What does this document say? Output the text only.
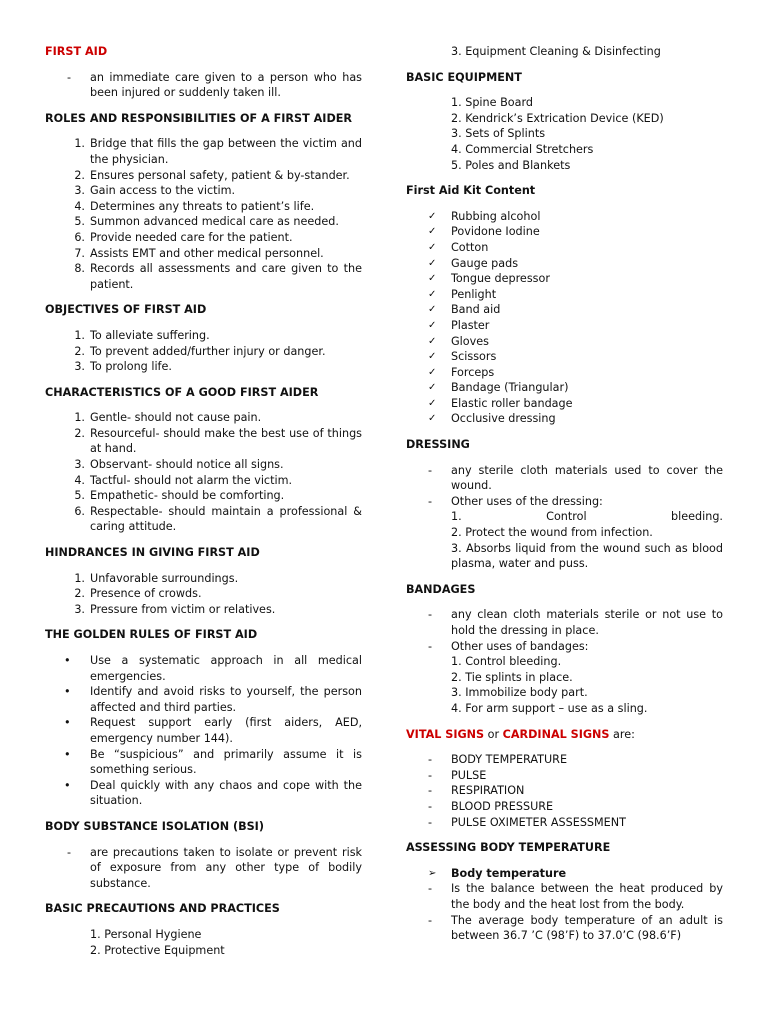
FIRST AID
- an immediate care given to a person who has been injured or suddenly taken ill.
ROLES AND RESPONSIBILITIES OF A FIRST AIDER
1. Bridge that fills the gap between the victim and the physician.
2. Ensures personal safety, patient & by-stander.
3. Gain access to the victim.
4. Determines any threats to patient’s life.
5. Summon advanced medical care as needed.
6. Provide needed care for the patient.
7. Assists EMT and other medical personnel.
8. Records all assessments and care given to the patient.
OBJECTIVES OF FIRST AID
1. To alleviate suffering.
2. To prevent added/further injury or danger.
3. To prolong life.
CHARACTERISTICS OF A GOOD FIRST AIDER
1. Gentle- should not cause pain.
2. Resourceful- should make the best use of things at hand.
3. Observant- should notice all signs.
4. Tactful- should not alarm the victim.
5. Empathetic- should be comforting.
6. Respectable- should maintain a professional & caring attitude.
HINDRANCES IN GIVING FIRST AID
1. Unfavorable surroundings.
2. Presence of crowds.
3. Pressure from victim or relatives.
THE GOLDEN RULES OF FIRST AID
• Use a systematic approach in all medical emergencies.
• Identify and avoid risks to yourself, the person affected and third parties.
• Request support early (first aiders, AED, emergency number 144).
• Be “suspicious” and primarily assume it is something serious.
• Deal quickly with any chaos and cope with the situation.
BODY SUBSTANCE ISOLATION (BSI)
- are precautions taken to isolate or prevent risk of exposure from any other type of bodily substance.
BASIC PRECAUTIONS AND PRACTICES
1. Personal Hygiene
2. Protective Equipment
3. Equipment Cleaning & Disinfecting
BASIC EQUIPMENT
1. Spine Board
2. Kendrick’s Extrication Device (KED)
3. Sets of Splints
4. Commercial Stretchers
5. Poles and Blankets
First Aid Kit Content
✓ Rubbing alcohol
✓ Povidone Iodine
✓ Cotton
✓ Gauge pads
✓ Tongue depressor
✓ Penlight
✓ Band aid
✓ Plaster
✓ Gloves
✓ Scissors
✓ Forceps
✓ Bandage (Triangular)
✓ Elastic roller bandage
✓ Occlusive dressing
DRESSING
- any sterile cloth materials used to cover the wound.
- Other uses of the dressing:
1.	Control	bleeding.
2. Protect the wound from infection.
3. Absorbs liquid from the wound such as blood plasma, water and puss.
BANDAGES
- any clean cloth materials sterile or not use to hold the dressing in place.
- Other uses of bandages:
1. Control bleeding.
2. Tie splints in place.
3. Immobilize body part.
4. For arm support – use as a sling.
VITAL SIGNS or CARDINAL SIGNS are:
- BODY TEMPERATURE
- PULSE
- RESPIRATION
- BLOOD PRESSURE
- PULSE OXIMETER ASSESSMENT
ASSESSING BODY TEMPERATURE
➢ Body temperature
- Is the balance between the heat produced by the body and the heat lost from the body.
- The average body temperature of an adult is between 36.7 ’C (98’F) to 37.0’C (98.6’F)
